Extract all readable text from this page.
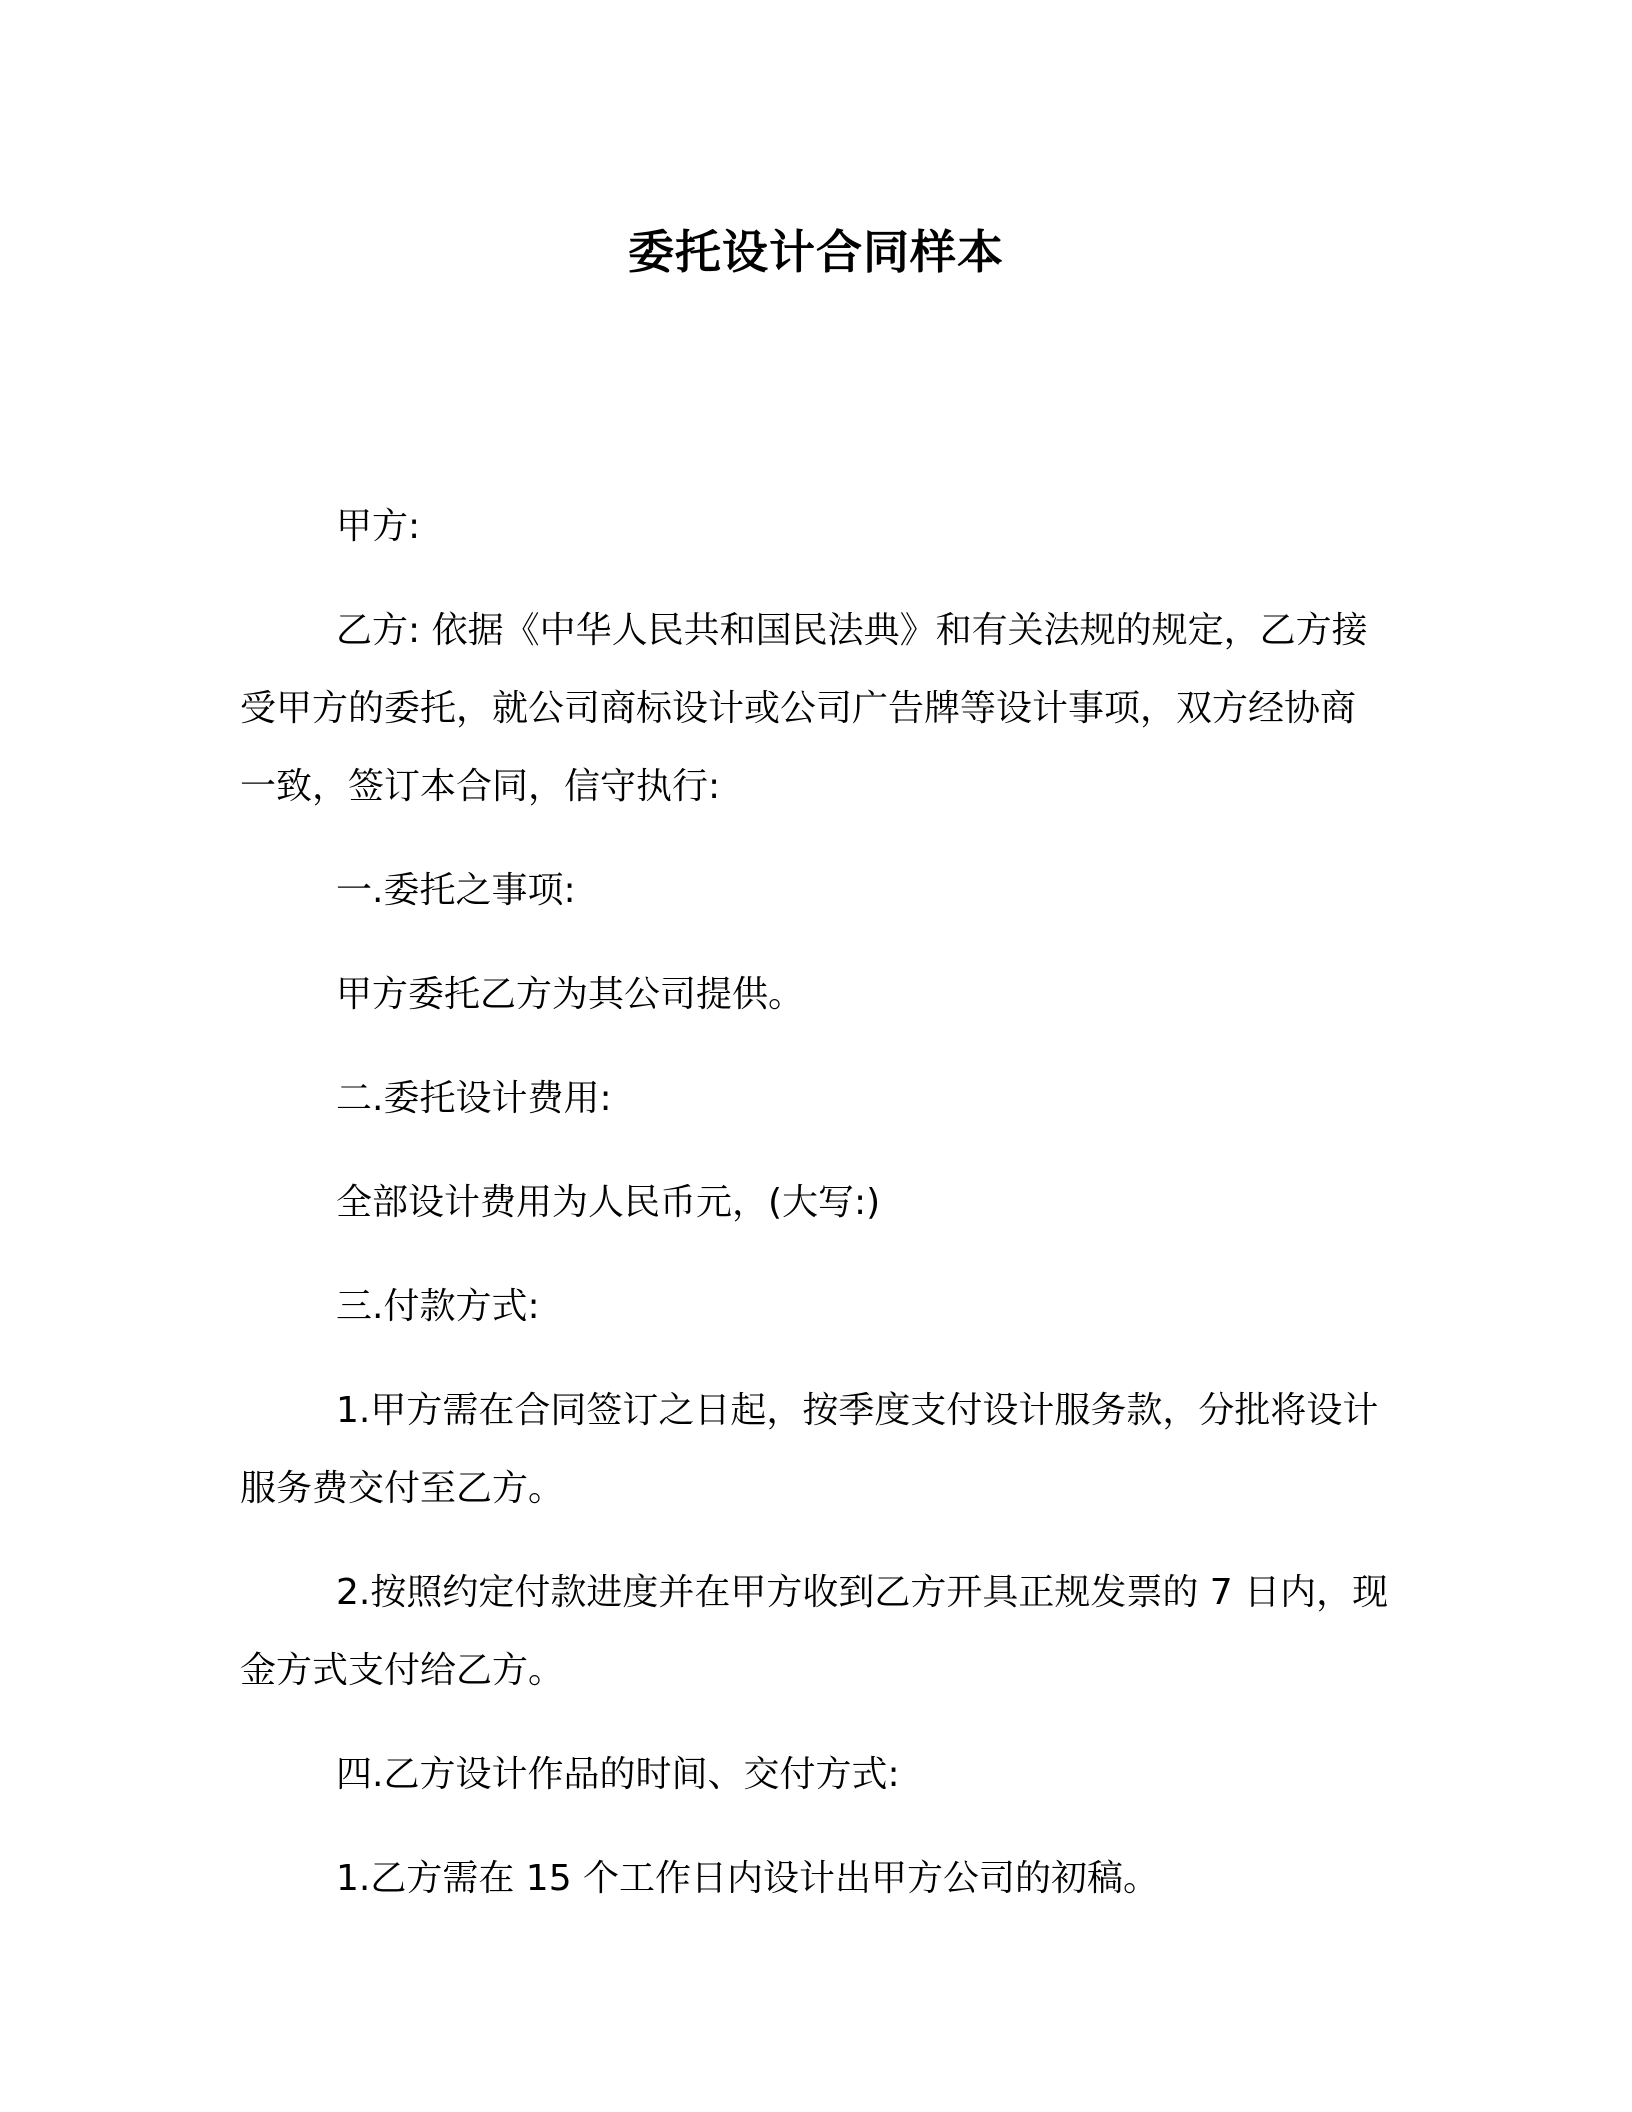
委托设计合同样本

甲方:

乙方: 依据《中华人民共和国民法典》和有关法规的规定，乙方接受甲方的委托，就公司商标设计或公司广告牌等设计事项，双方经协商一致，签订本合同，信守执行:

一.委托之事项:

甲方委托乙方为其公司提供。

二.委托设计费用:

全部设计费用为人民币元，(大写:)

三.付款方式:

1.甲方需在合同签订之日起，按季度支付设计服务款，分批将设计服务费交付至乙方。

2.按照约定付款进度并在甲方收到乙方开具正规发票的 7 日内，现金方式支付给乙方。

四.乙方设计作品的时间、交付方式:

1.乙方需在 15 个工作日内设计出甲方公司的初稿。
